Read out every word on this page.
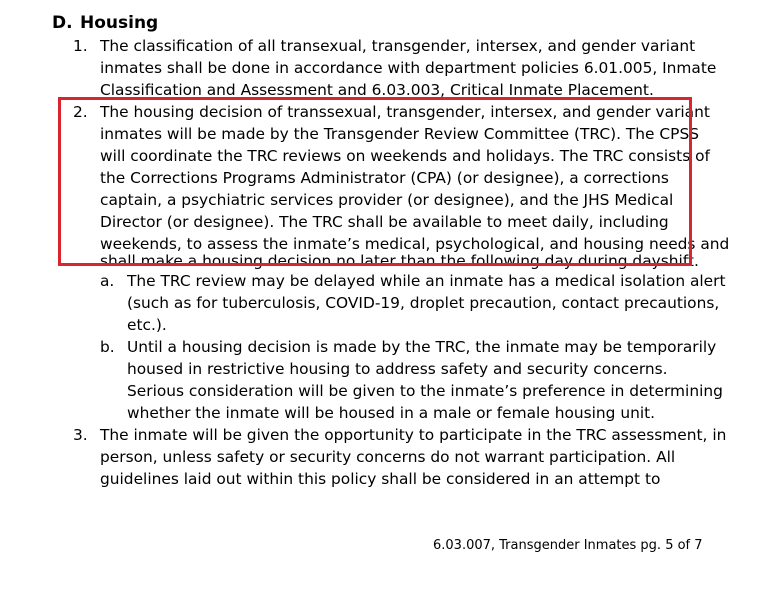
D. Housing
1. The classification of all transexual, transgender, intersex, and gender variant
inmates shall be done in accordance with department policies 6.01.005, Inmate
Classification and Assessment and 6.03.003, Critical Inmate Placement.
2. The housing decision of transsexual, transgender, intersex, and gender variant
inmates will be made by the Transgender Review Committee (TRC). The CPSS
will coordinate the TRC reviews on weekends and holidays. The TRC consists of
the Corrections Programs Administrator (CPA) (or designee), a corrections
captain, a psychiatric services provider (or designee), and the JHS Medical
Director (or designee). The TRC shall be available to meet daily, including
weekends, to assess the inmate’s medical, psychological, and housing needs and
shall make a housing decision no later than the following day during dayshift.
a. The TRC review may be delayed while an inmate has a medical isolation alert
(such as for tuberculosis, COVID-19, droplet precaution, contact precautions,
etc.).
b. Until a housing decision is made by the TRC, the inmate may be temporarily
housed in restrictive housing to address safety and security concerns.
Serious consideration will be given to the inmate’s preference in determining
whether the inmate will be housed in a male or female housing unit.
3. The inmate will be given the opportunity to participate in the TRC assessment, in
person, unless safety or security concerns do not warrant participation. All
guidelines laid out within this policy shall be considered in an attempt to
6.03.007, Transgender Inmates pg. 5 of 7
